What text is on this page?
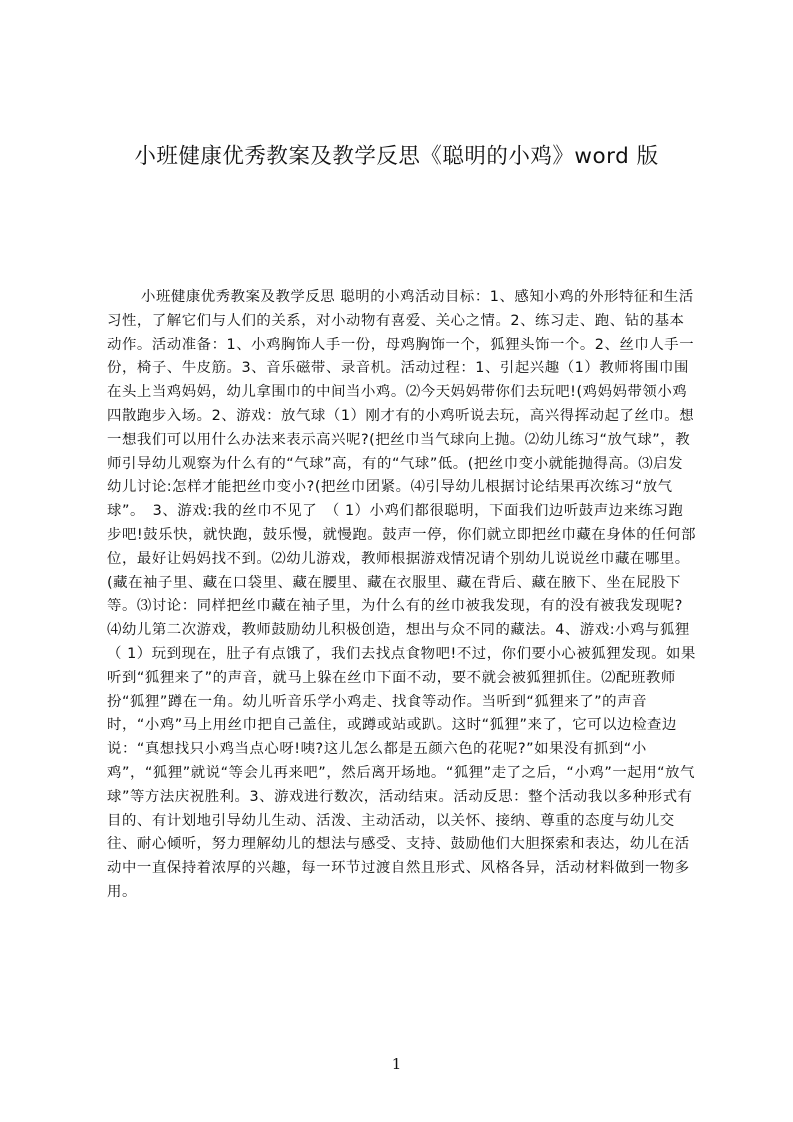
小班健康优秀教案及教学反思《聪明的小鸡》word 版

小班健康优秀教案及教学反思 聪明的小鸡活动目标：1、感知小鸡的外形特征和生活习性，了解它们与人们的关系，对小动物有喜爱、关心之情。2、练习走、跑、钻的基本动作。活动准备：1、小鸡胸饰人手一份，母鸡胸饰一个，狐狸头饰一个。2、丝巾人手一份，椅子、牛皮筋。3、音乐磁带、录音机。活动过程：1、引起兴趣（1）教师将围巾围在头上当鸡妈妈，幼儿拿围巾的中间当小鸡。⑵今天妈妈带你们去玩吧!(鸡妈妈带领小鸡四散跑步入场。2、游戏：放气球（1）刚才有的小鸡听说去玩，高兴得挥动起了丝巾。想一想我们可以用什么办法来表示高兴呢?(把丝巾当气球向上抛。⑵幼儿练习“放气球”，教师引导幼儿观察为什么有的“气球”高，有的“气球”低。(把丝巾变小就能抛得高。⑶启发幼儿讨论:怎样才能把丝巾变小?(把丝巾团紧。⑷引导幼儿根据讨论结果再次练习“放气球”。　3、游戏:我的丝巾不见了　（ 1）小鸡们都很聪明，下面我们边听鼓声边来练习跑步吧!鼓乐快，就快跑，鼓乐慢，就慢跑。鼓声一停，你们就立即把丝巾藏在身体的任何部位，最好让妈妈找不到。⑵幼儿游戏，教师根据游戏情况请个别幼儿说说丝巾藏在哪里。(藏在袖子里、藏在口袋里、藏在腰里、藏在衣服里、藏在背后、藏在腋下、坐在屁股下等。⑶讨论：同样把丝巾藏在袖子里，为什么有的丝巾被我发现，有的没有被我发现呢?⑷幼儿第二次游戏，教师鼓励幼儿积极创造，想出与众不同的藏法。4、游戏:小鸡与狐狸　（ 1）玩到现在，肚子有点饿了，我们去找点食物吧!不过，你们要小心被狐狸发现。如果听到“狐狸来了”的声音，就马上躲在丝巾下面不动，要不就会被狐狸抓住。⑵配班教师扮“狐狸”蹲在一角。幼儿听音乐学小鸡走、找食等动作。当听到“狐狸来了”的声音时，“小鸡”马上用丝巾把自己盖住，或蹲或站或趴。这时“狐狸”来了，它可以边检查边说：“真想找只小鸡当点心呀!咦?这儿怎么都是五颜六色的花呢?”如果没有抓到“小鸡”，“狐狸”就说“等会儿再来吧”，然后离开场地。“狐狸”走了之后，“小鸡”一起用“放气球”等方法庆祝胜利。3、游戏进行数次，活动结束。活动反思：整个活动我以多种形式有目的、有计划地引导幼儿生动、活泼、主动活动，以关怀、接纳、尊重的态度与幼儿交往、耐心倾听，努力理解幼儿的想法与感受、支持、鼓励他们大胆探索和表达，幼儿在活动中一直保持着浓厚的兴趣，每一环节过渡自然且形式、风格各异，活动材料做到一物多用。

1
